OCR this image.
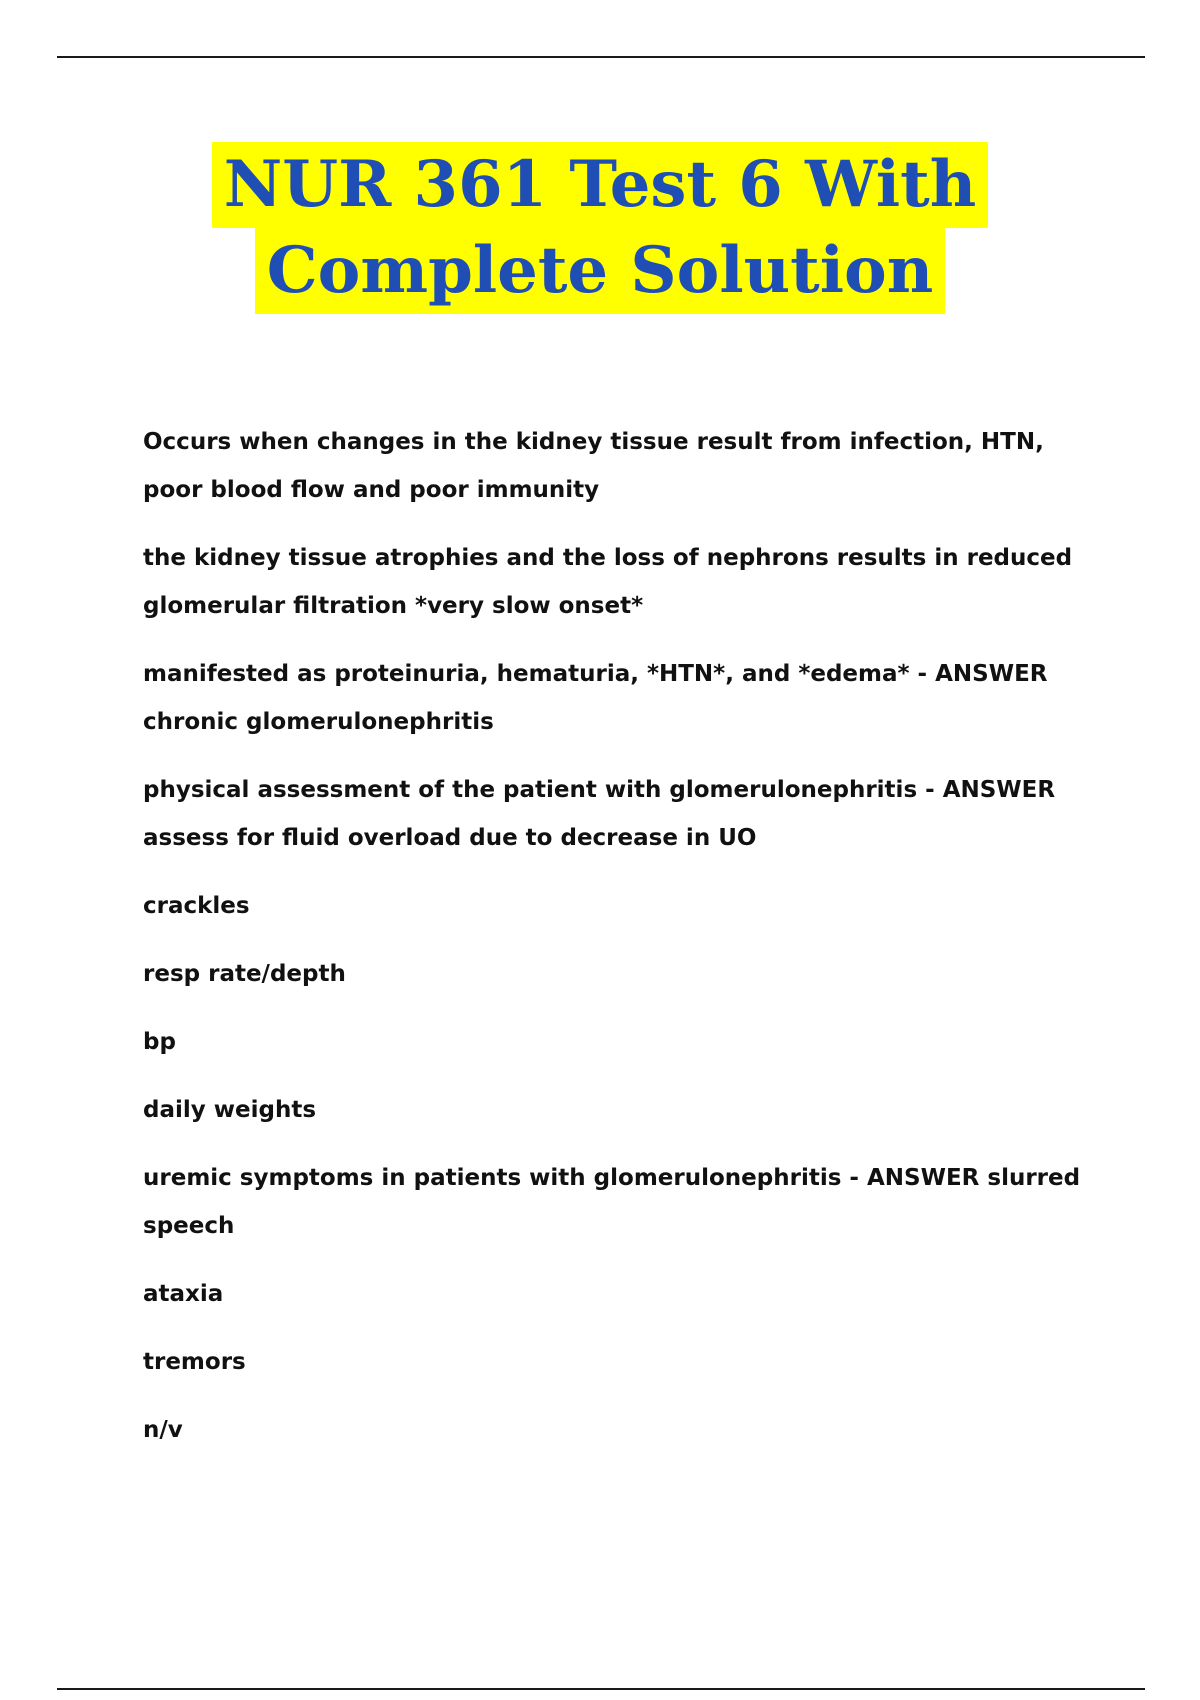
NUR 361 Test 6 With
Complete Solution

Occurs when changes in the kidney tissue result from infection, HTN, poor blood flow and poor immunity

the kidney tissue atrophies and the loss of nephrons results in reduced glomerular filtration *very slow onset*

manifested as proteinuria, hematuria, *HTN*, and *edema* - ANSWER chronic glomerulonephritis

physical assessment of the patient with glomerulonephritis - ANSWER assess for fluid overload due to decrease in UO

crackles

resp rate/depth

bp

daily weights

uremic symptoms in patients with glomerulonephritis - ANSWER slurred speech

ataxia

tremors

n/v
